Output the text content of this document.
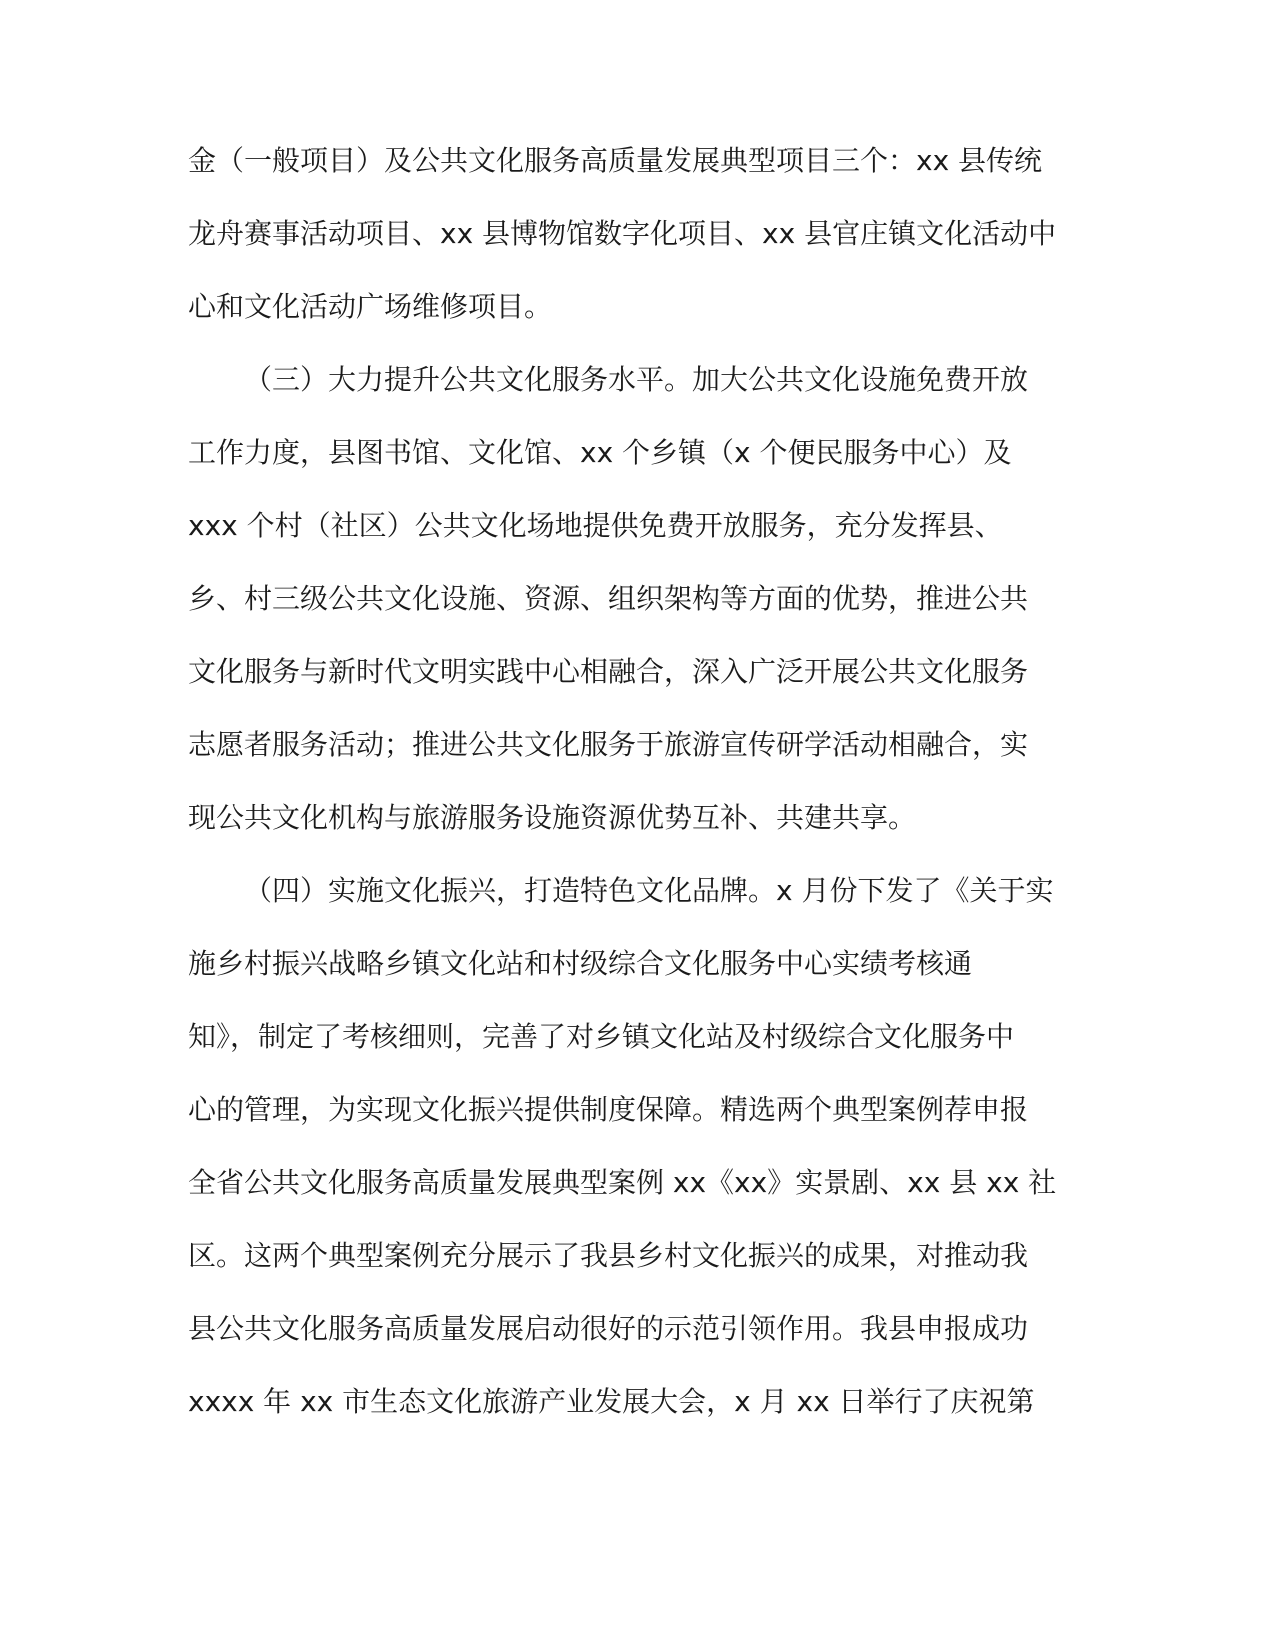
金（一般项目）及公共文化服务高质量发展典型项目三个：xx 县传统
龙舟赛事活动项目、xx 县博物馆数字化项目、xx 县官庄镇文化活动中
心和文化活动广场维修项目。
（三）大力提升公共文化服务水平。加大公共文化设施免费开放
工作力度，县图书馆、文化馆、xx 个乡镇（x 个便民服务中心）及
xxx 个村（社区）公共文化场地提供免费开放服务，充分发挥县、
乡、村三级公共文化设施、资源、组织架构等方面的优势，推进公共
文化服务与新时代文明实践中心相融合，深入广泛开展公共文化服务
志愿者服务活动；推进公共文化服务于旅游宣传研学活动相融合，实
现公共文化机构与旅游服务设施资源优势互补、共建共享。
（四）实施文化振兴，打造特色文化品牌。x 月份下发了《关于实
施乡村振兴战略乡镇文化站和村级综合文化服务中心实绩考核通
知》，制定了考核细则，完善了对乡镇文化站及村级综合文化服务中
心的管理，为实现文化振兴提供制度保障。精选两个典型案例荐申报
全省公共文化服务高质量发展典型案例 xx《xx》实景剧、xx 县 xx 社
区。这两个典型案例充分展示了我县乡村文化振兴的成果，对推动我
县公共文化服务高质量发展启动很好的示范引领作用。我县申报成功
xxxx 年 xx 市生态文化旅游产业发展大会，x 月 xx 日举行了庆祝第
